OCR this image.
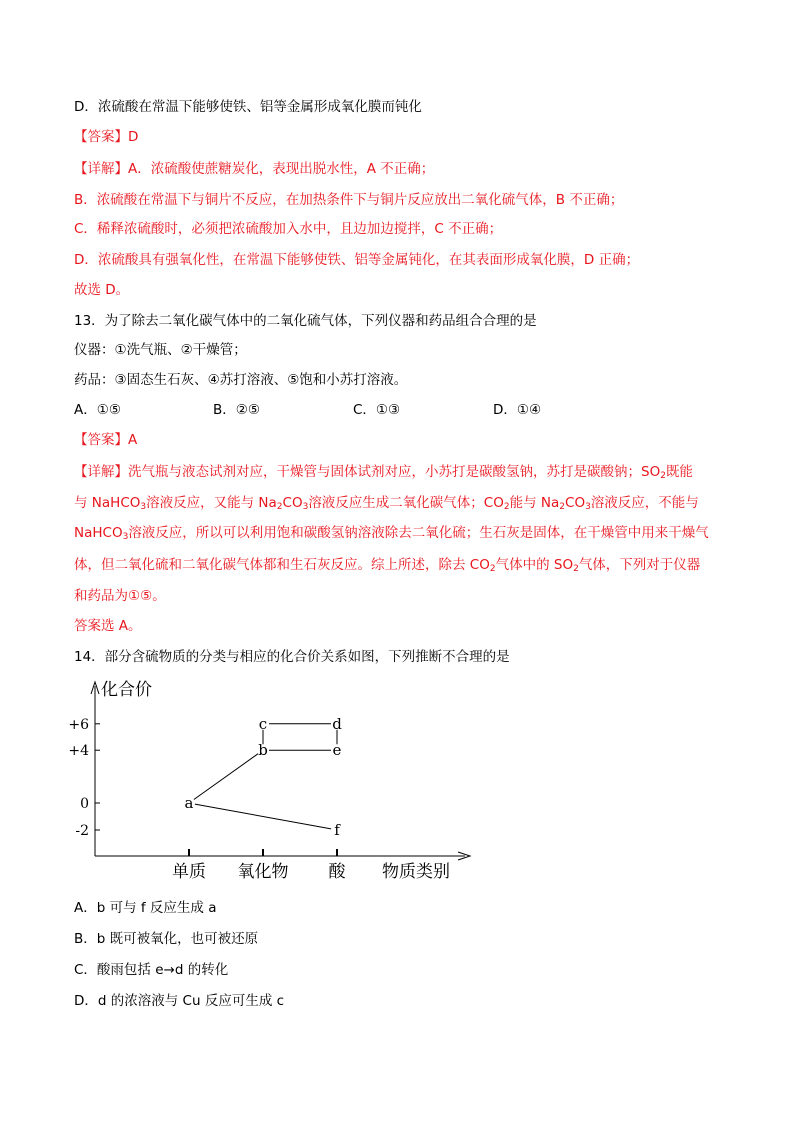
D．浓硫酸在常温下能够使铁、铝等金属形成氧化膜而钝化
【答案】D
【详解】A．浓硫酸使蔗糖炭化，表现出脱水性，A 不正确；
B．浓硫酸在常温下与铜片不反应，在加热条件下与铜片反应放出二氧化硫气体，B 不正确；
C．稀释浓硫酸时，必须把浓硫酸加入水中，且边加边搅拌，C 不正确；
D．浓硫酸具有强氧化性，在常温下能够使铁、铝等金属钝化，在其表面形成氧化膜，D 正确；
故选 D。
13．为了除去二氧化碳气体中的二氧化硫气体，下列仪器和药品组合合理的是
仪器：①洗气瓶、②干燥管；
药品：③固态生石灰、④苏打溶液、⑤饱和小苏打溶液。
A．①⑤	B．②⑤	C．①③	D．①④
【答案】A
【详解】洗气瓶与液态试剂对应，干燥管与固体试剂对应，小苏打是碳酸氢钠，苏打是碳酸钠；$SO_2$既能
与 NaHCO$_3$溶液反应，又能与 $Na_2CO_3$溶液反应生成二氧化碳气体；$CO_2$能与 $Na_2CO_3$溶液反应，不能与
NaHCO$_3$溶液反应，所以可以利用饱和碳酸氢钠溶液除去二氧化硫；生石灰是固体，在干燥管中用来干燥气
体，但二氧化硫和二氧化碳气体都和生石灰反应。综上所述，除去 $CO_2$气体中的 $SO_2$气体，下列对于仪器
和药品为①⑤。
答案选 A。
14．部分含硫物质的分类与相应的化合价关系如图，下列推断不合理的是
化合价
物质类别
+6
+4
0
-2
单质 氧化物 酸
a
b
c	d
e
f
A．b 可与 f 反应生成 a
B．b 既可被氧化，也可被还原
C．酸雨包括 e→d 的转化
D．d 的浓溶液与 Cu 反应可生成 c
